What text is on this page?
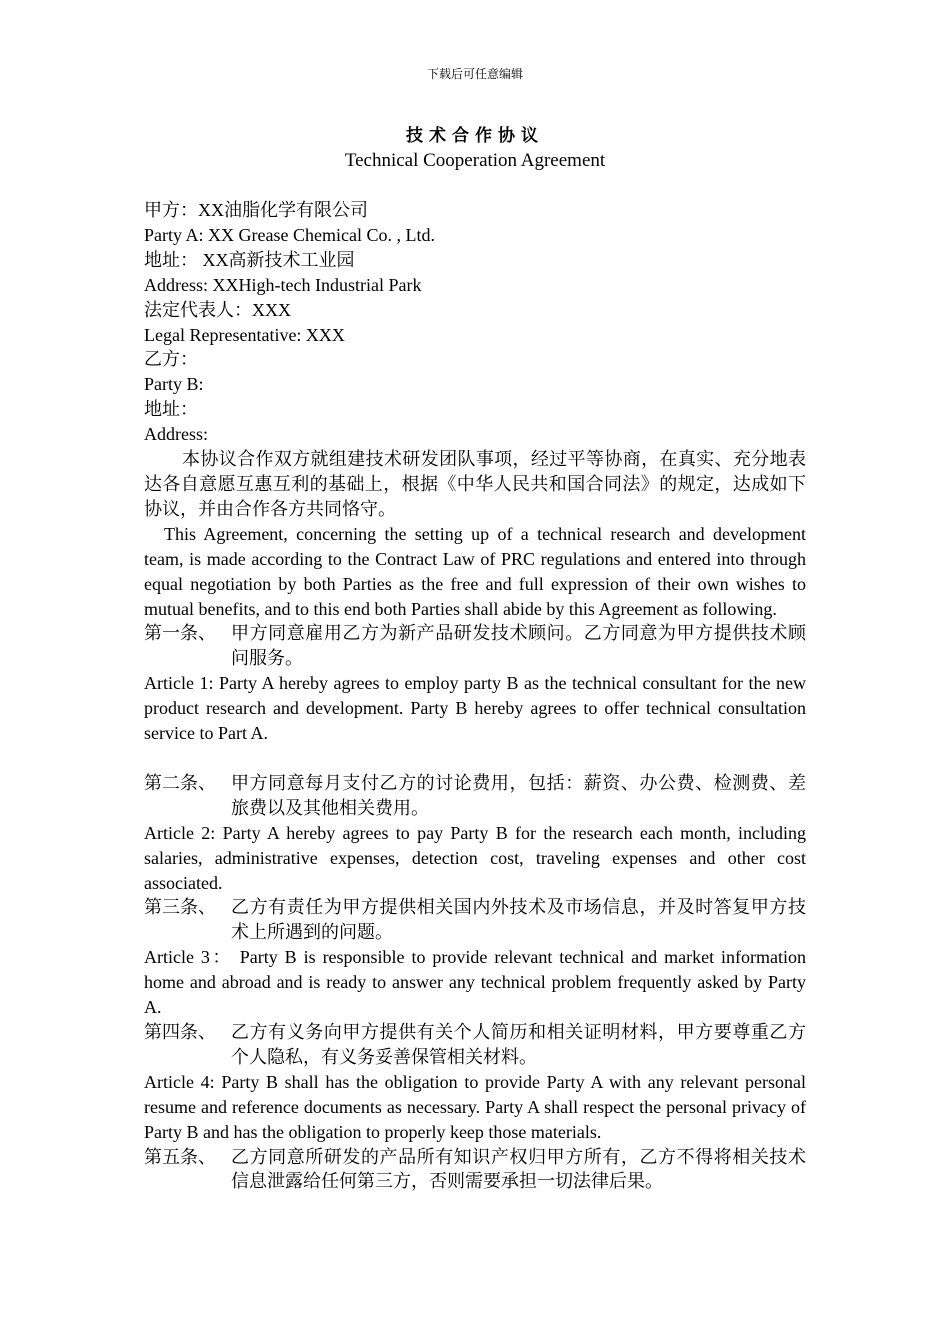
下载后可任意编辑
技术合作协议
Technical Cooperation Agreement
甲方：XX油脂化学有限公司
Party A: XX Grease Chemical Co. , Ltd.
地址： XX高新技术工业园
Address: XXHigh-tech Industrial Park
法定代表人：XXX
Legal Representative: XXX
乙方：
Party B:
地址：
Address:
本协议合作双方就组建技术研发团队事项，经过平等协商，在真实、充分地表达各自意愿互惠互利的基础上，根据《中华人民共和国合同法》的规定，达成如下协议，并由合作各方共同恪守。
This Agreement, concerning the setting up of a technical research and development team, is made according to the Contract Law of PRC regulations and entered into through equal negotiation by both Parties as the free and full expression of their own wishes to mutual benefits, and to this end both Parties shall abide by this Agreement as following.
第一条、 甲方同意雇用乙方为新产品研发技术顾问。乙方同意为甲方提供技术顾问服务。
Article 1: Party A hereby agrees to employ party B as the technical consultant for the new product research and development. Party B hereby agrees to offer technical consultation service to Part A.
第二条、 甲方同意每月支付乙方的讨论费用，包括：薪资、办公费、检测费、差旅费以及其他相关费用。
Article 2: Party A hereby agrees to pay Party B for the research each month, including salaries, administrative expenses, detection cost, traveling expenses and other cost associated.
第三条、 乙方有责任为甲方提供相关国内外技术及市场信息，并及时答复甲方技术上所遇到的问题。
Article 3： Party B is responsible to provide relevant technical and market information home and abroad and is ready to answer any technical problem frequently asked by Party A.
第四条、 乙方有义务向甲方提供有关个人简历和相关证明材料，甲方要尊重乙方个人隐私，有义务妥善保管相关材料。
Article 4: Party B shall has the obligation to provide Party A with any relevant personal resume and reference documents as necessary. Party A shall respect the personal privacy of Party B and has the obligation to properly keep those materials.
第五条、 乙方同意所研发的产品所有知识产权归甲方所有，乙方不得将相关技术信息泄露给任何第三方，否则需要承担一切法律后果。
